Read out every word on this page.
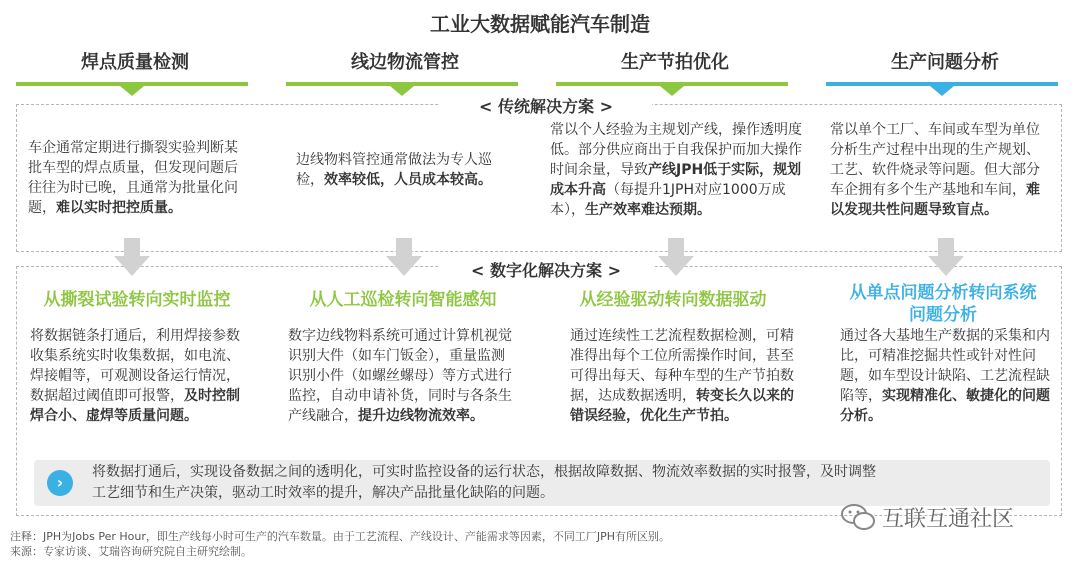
工业大数据赋能汽车制造
焊点质量检测	线边物流管控	生产节拍优化	生产问题分析
< 传统解决方案 >
车企通常定期进行撕裂实验判断某批车型的焊点质量，但发现问题后往往为时已晚，且通常为批量化问题，难以实时把控质量。
边线物料管控通常做法为专人巡检，效率较低，人员成本较高。
常以个人经验为主规划产线，操作透明度低。部分供应商出于自我保护而加大操作时间余量，导致产线JPH低于实际，规划成本升高（每提升1JPH对应1000万成本），生产效率难达预期。
常以单个工厂、车间或车型为单位分析生产过程中出现的生产规划、工艺、软件烧录等问题。但大部分车企拥有多个生产基地和车间，难以发现共性问题导致盲点。
< 数字化解决方案 >
从撕裂试验转向实时监控	从人工巡检转向智能感知	从经验驱动转向数据驱动	从单点问题分析转向系统
问题分析
将数据链条打通后，利用焊接参数收集系统实时收集数据，如电流、焊接帽等，可观测设备运行情况，数据超过阈值即可报警，及时控制焊合小、虚焊等质量问题。
数字边线物料系统可通过计算机视觉识别大件（如车门钣金），重量监测识别小件（如螺丝螺母）等方式进行监控，自动申请补货，同时与各条生产线融合，提升边线物流效率。
通过连续性工艺流程数据检测，可精准得出每个工位所需操作时间，甚至可得出每天、每种车型的生产节拍数据，达成数据透明，转变长久以来的错误经验，优化生产节拍。
通过各大基地生产数据的采集和内比，可精准挖掘共性或针对性问题，如车型设计缺陷、工艺流程缺陷等，实现精准化、敏捷化的问题分析。
›
将数据打通后，实现设备数据之间的透明化，可实时监控设备的运行状态，根据故障数据、物流效率数据的实时报警，及时调整
工艺细节和生产决策，驱动工时效率的提升，解决产品批量化缺陷的问题。
注释：JPH为Jobs Per Hour，即生产线每小时可生产的汽车数量。由于工艺流程、产线设计、产能需求等因素，不同工厂JPH有所区别。
来源：专家访谈、艾瑞咨询研究院自主研究绘制。
互联互通社区
